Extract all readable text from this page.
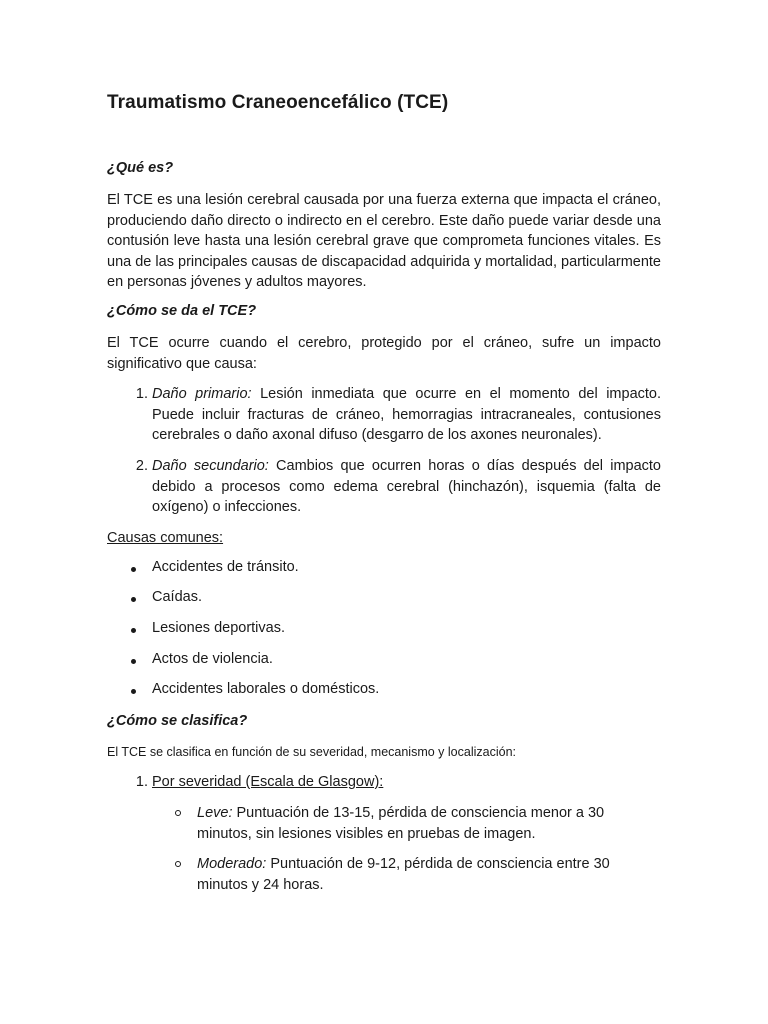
Traumatismo Craneoencefálico (TCE)
¿Qué es?
El TCE es una lesión cerebral causada por una fuerza externa que impacta el cráneo, produciendo daño directo o indirecto en el cerebro. Este daño puede variar desde una contusión leve hasta una lesión cerebral grave que comprometa funciones vitales. Es una de las principales causas de discapacidad adquirida y mortalidad, particularmente en personas jóvenes y adultos mayores.
¿Cómo se da el TCE?
El TCE ocurre cuando el cerebro, protegido por el cráneo, sufre un impacto significativo que causa:
1. Daño primario: Lesión inmediata que ocurre en el momento del impacto. Puede incluir fracturas de cráneo, hemorragias intracraneales, contusiones cerebrales o daño axonal difuso (desgarro de los axones neuronales).
2. Daño secundario: Cambios que ocurren horas o días después del impacto debido a procesos como edema cerebral (hinchazón), isquemia (falta de oxígeno) o infecciones.
Causas comunes:
Accidentes de tránsito.
Caídas.
Lesiones deportivas.
Actos de violencia.
Accidentes laborales o domésticos.
¿Cómo se clasifica?
El TCE se clasifica en función de su severidad, mecanismo y localización:
1. Por severidad (Escala de Glasgow):
Leve: Puntuación de 13-15, pérdida de consciencia menor a 30 minutos, sin lesiones visibles en pruebas de imagen.
Moderado: Puntuación de 9-12, pérdida de consciencia entre 30 minutos y 24 horas.
